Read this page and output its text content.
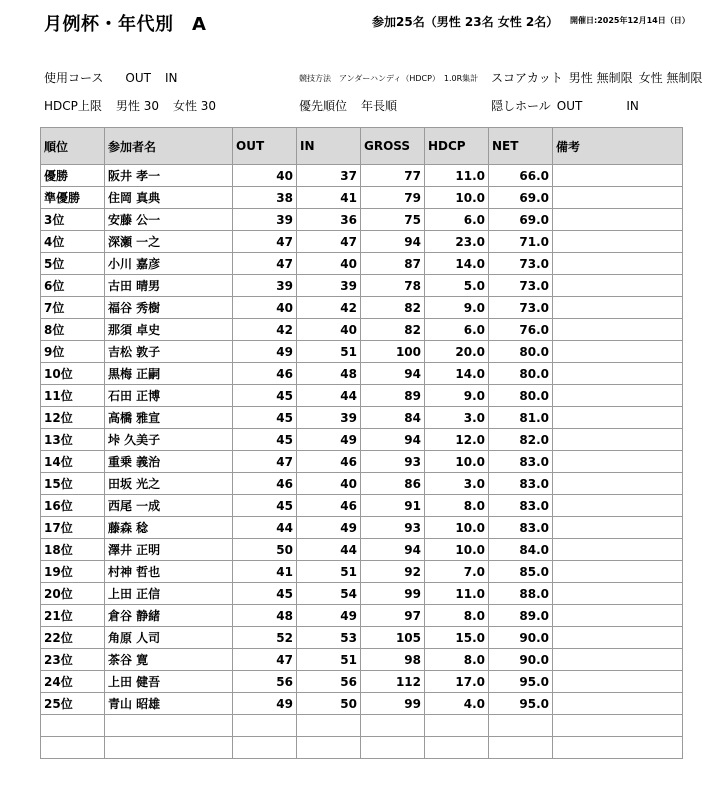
月例杯・年代別　A	参加25名（男性 23名 女性 2名） 開催日:2025年12月14日（日）
使用コース OUT IN	競技方法　アンダーハンディ（HDCP）　1.0R集計 スコアカット 男性 無制限 女性 無制限
HDCP上限 男性 30 女性 30	優先順位 年長順	隠しホール OUT	IN
順位	参加者名	OUT	IN	GROSS	HDCP	NET	備考
優勝	阪井 孝一	40	37	77	11.0	66.0	
準優勝	住岡 真典	38	41	79	10.0	69.0	
3位	安藤 公一	39	36	75	6.0	69.0	
4位	深瀬 一之	47	47	94	23.0	71.0	
5位	小川 嘉彦	47	40	87	14.0	73.0	
6位	古田 晴男	39	39	78	5.0	73.0	
7位	福谷 秀樹	40	42	82	9.0	73.0	
8位	那須 卓史	42	40	82	6.0	76.0	
9位	吉松 敦子	49	51	100	20.0	80.0	
10位	黒梅 正嗣	46	48	94	14.0	80.0	
11位	石田 正博	45	44	89	9.0	80.0	
12位	高橋 雅宣	45	39	84	3.0	81.0	
13位	垰 久美子	45	49	94	12.0	82.0	
14位	重乗 義治	47	46	93	10.0	83.0	
15位	田坂 光之	46	40	86	3.0	83.0	
16位	西尾 一成	45	46	91	8.0	83.0	
17位	藤森 稔	44	49	93	10.0	83.0	
18位	澤井 正明	50	44	94	10.0	84.0	
19位	村神 哲也	41	51	92	7.0	85.0	
20位	上田 正信	45	54	99	11.0	88.0	
21位	倉谷 静緒	48	49	97	8.0	89.0	
22位	角原 人司	52	53	105	15.0	90.0	
23位	茶谷 寛	47	51	98	8.0	90.0	
24位	上田 健吾	56	56	112	17.0	95.0	
25位	青山 昭雄	49	50	99	4.0	95.0	
